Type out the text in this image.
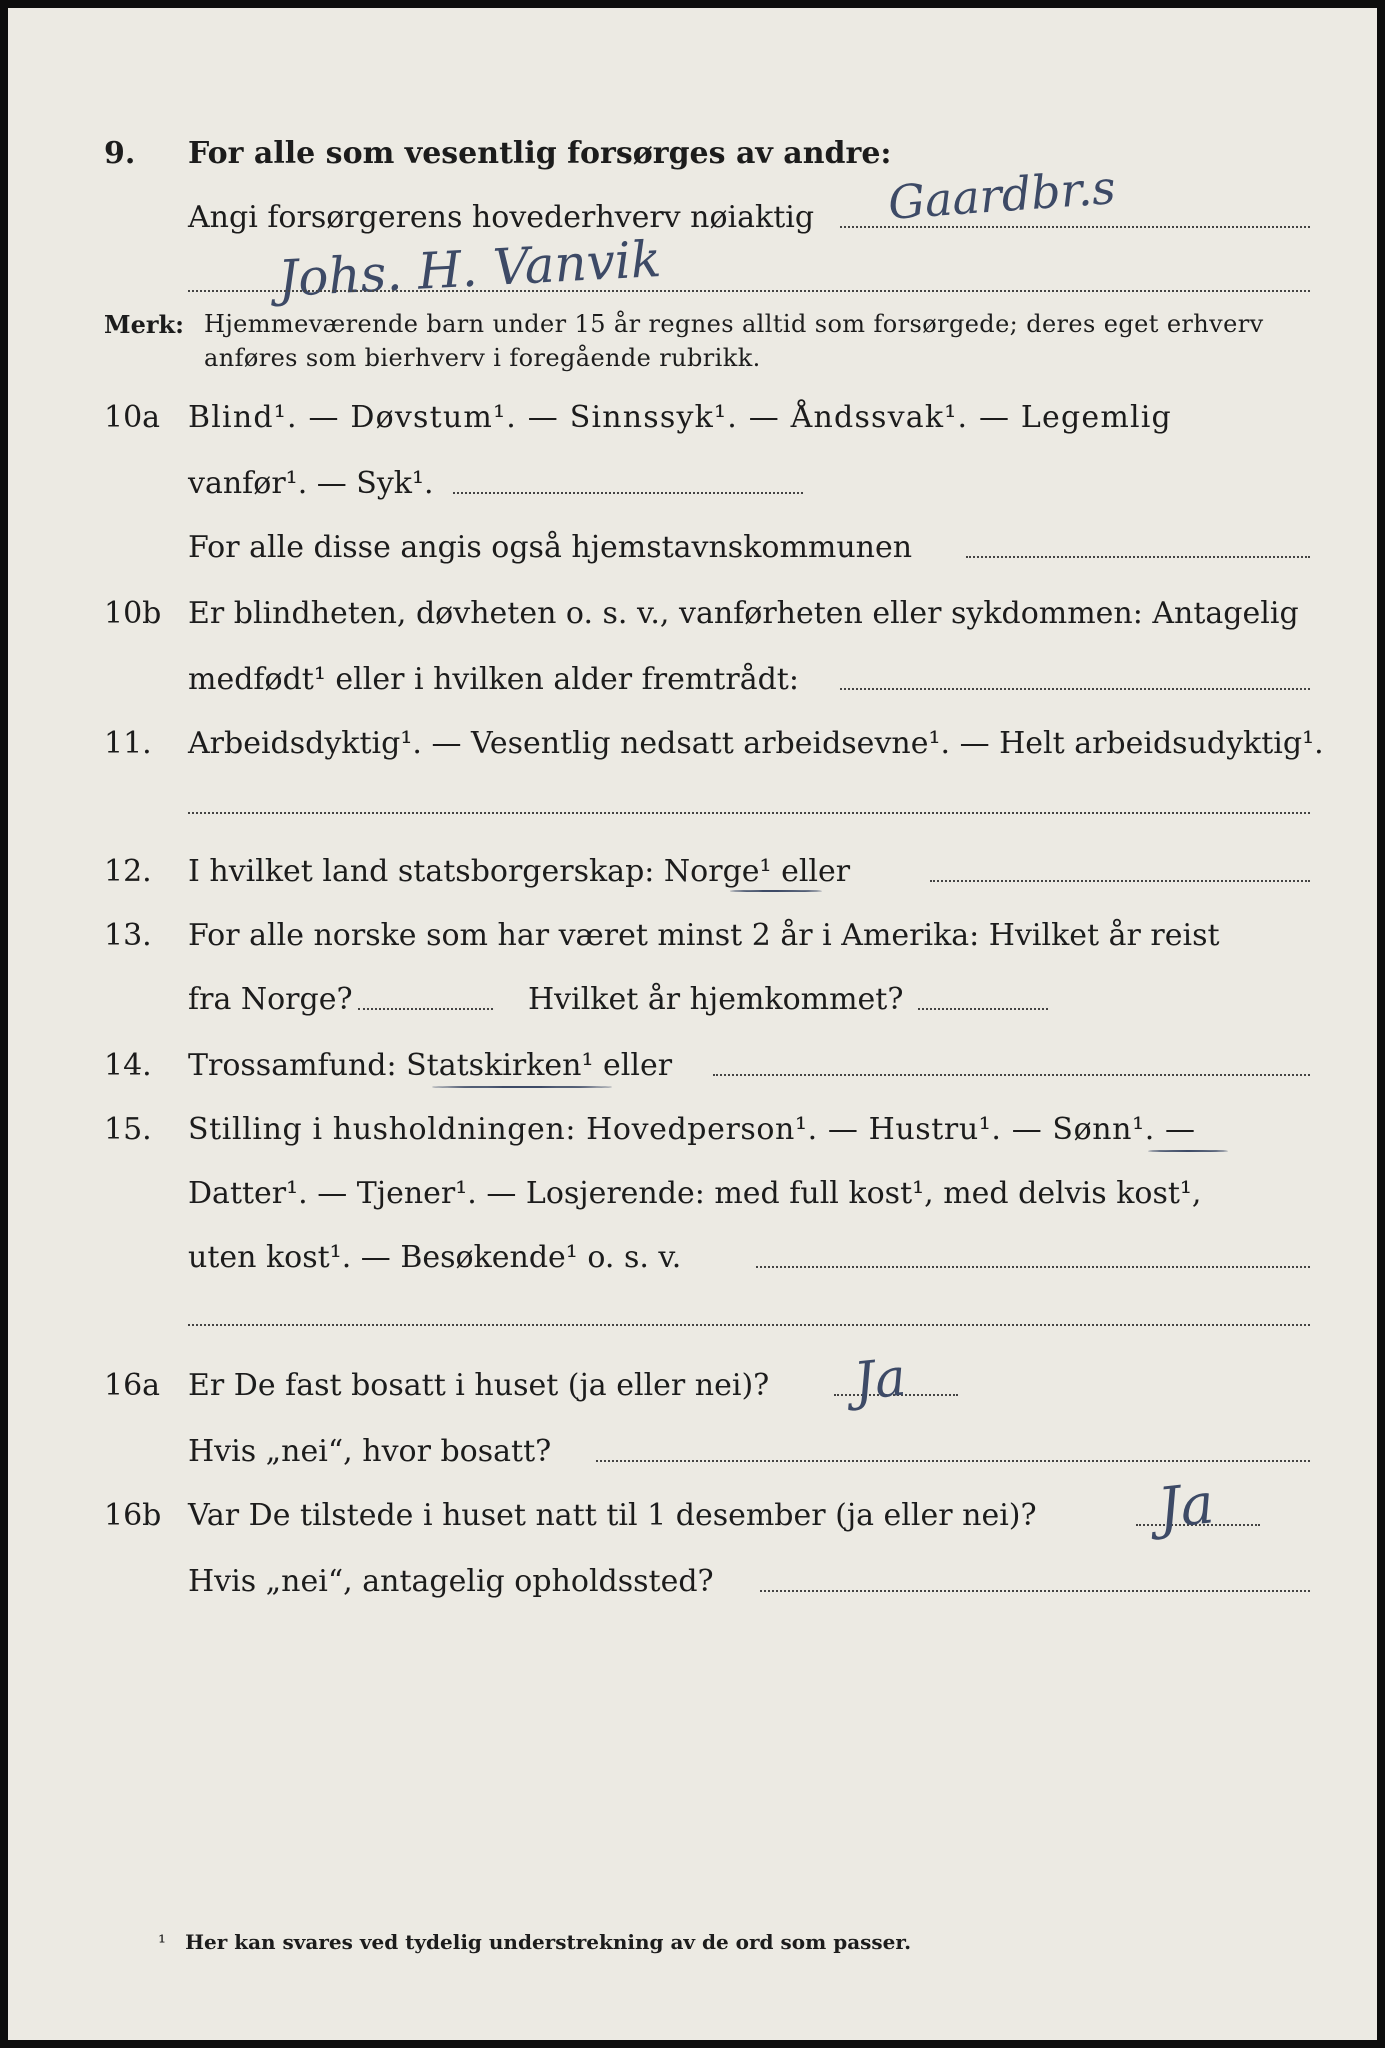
9. For alle som vesentlig forsørges av andre:
Gaardbr.s
Angi forsørgerens hovederhverv nøiaktig
Johs. H. Vanvik
Merk: Hjemmeværende barn under 15 år regnes alltid som forsørgede; deres eget erhverv
anføres som bierhverv i foregående rubrikk.
10a Blind¹. — Døvstum¹. — Sinnssyk¹. — Åndssvak¹. — Legemlig
vanfør¹. — Syk¹.
For alle disse angis også hjemstavnskommunen
10b Er blindheten, døvheten o. s. v., vanførheten eller sykdommen: Antagelig
medfødt¹ eller i hvilken alder fremtrådt:
11. Arbeidsdyktig¹. — Vesentlig nedsatt arbeidsevne¹. — Helt arbeidsudyktig¹.
12. I hvilket land statsborgerskap: Norge¹ eller
13. For alle norske som har været minst 2 år i Amerika: Hvilket år reist
fra Norge?	Hvilket år hjemkommet?
14. Trossamfund: Statskirken¹ eller
15. Stilling i husholdningen: Hovedperson¹. — Hustru¹. — Sønn¹. —
Datter¹. — Tjener¹. — Losjerende: med full kost¹, med delvis kost¹,
uten kost¹. — Besøkende¹ o. s. v.
16a Er De fast bosatt i huset (ja eller nei)? Ja
Hvis „nei“, hvor bosatt?
16b Var De tilstede i huset natt til 1 desember (ja eller nei)? Ja
Hvis „nei“, antagelig opholdssted?
¹ Her kan svares ved tydelig understrekning av de ord som passer.
